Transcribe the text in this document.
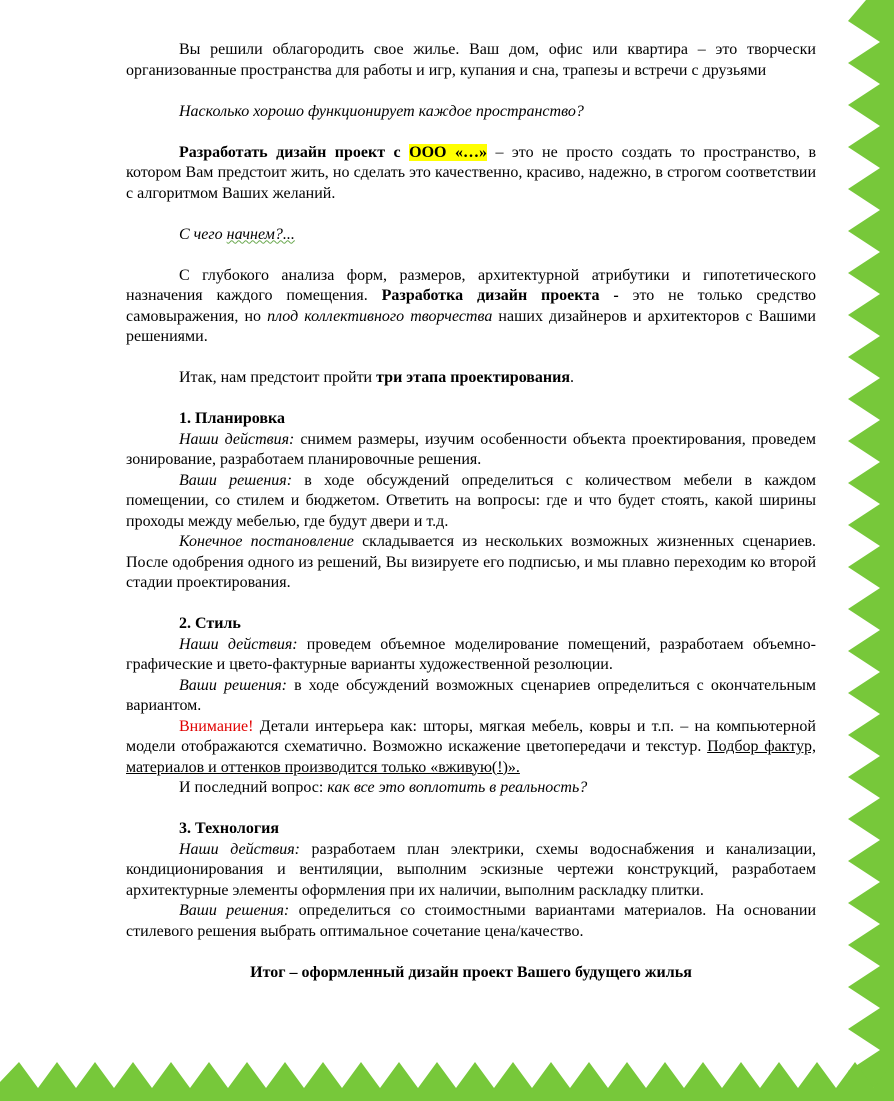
Вы решили облагородить свое жилье. Ваш дом, офис или квартира – это творчески организованные пространства для работы и игр, купания и сна, трапезы и встречи с друзьями

Насколько хорошо функционирует каждое пространство?

Разработать дизайн проект с ООО «…» – это не просто создать то пространство, в котором Вам предстоит жить, но сделать это качественно, красиво, надежно, в строгом соответствии с алгоритмом Ваших желаний.

С чего начнем?...

С глубокого анализа форм, размеров, архитектурной атрибутики и гипотетического назначения каждого помещения. Разработка дизайн проекта - это не только средство самовыражения, но плод коллективного творчества наших дизайнеров и архитекторов с Вашими решениями.

Итак, нам предстоит пройти три этапа проектирования.

1. Планировка

Наши действия: снимем размеры, изучим особенности объекта проектирования, проведем зонирование, разработаем планировочные решения.

Ваши решения: в ходе обсуждений определиться с количеством мебели в каждом помещении, со стилем и бюджетом. Ответить на вопросы: где и что будет стоять, какой ширины проходы между мебелью, где будут двери и т.д.

Конечное постановление складывается из нескольких возможных жизненных сценариев. После одобрения одного из решений, Вы визируете его подписью, и мы плавно переходим ко второй стадии проектирования.

2. Стиль

Наши действия: проведем объемное моделирование помещений, разработаем объемно-графические и цвето-фактурные варианты художественной резолюции.

Ваши решения: в ходе обсуждений возможных сценариев определиться с окончательным вариантом.

Внимание! Детали интерьера как: шторы, мягкая мебель, ковры и т.п. – на компьютерной модели отображаются схематично. Возможно искажение цветопередачи и текстур. Подбор фактур, материалов и оттенков производится только «вживую(!)».

И последний вопрос: как все это воплотить в реальность?

3. Технология

Наши действия: разработаем план электрики, схемы водоснабжения и канализации, кондиционирования и вентиляции, выполним эскизные чертежи конструкций, разработаем архитектурные элементы оформления при их наличии, выполним раскладку плитки.

Ваши решения: определиться со стоимостными вариантами материалов. На основании стилевого решения выбрать оптимальное сочетание цена/качество.

Итог – оформленный дизайн проект Вашего будущего жилья
